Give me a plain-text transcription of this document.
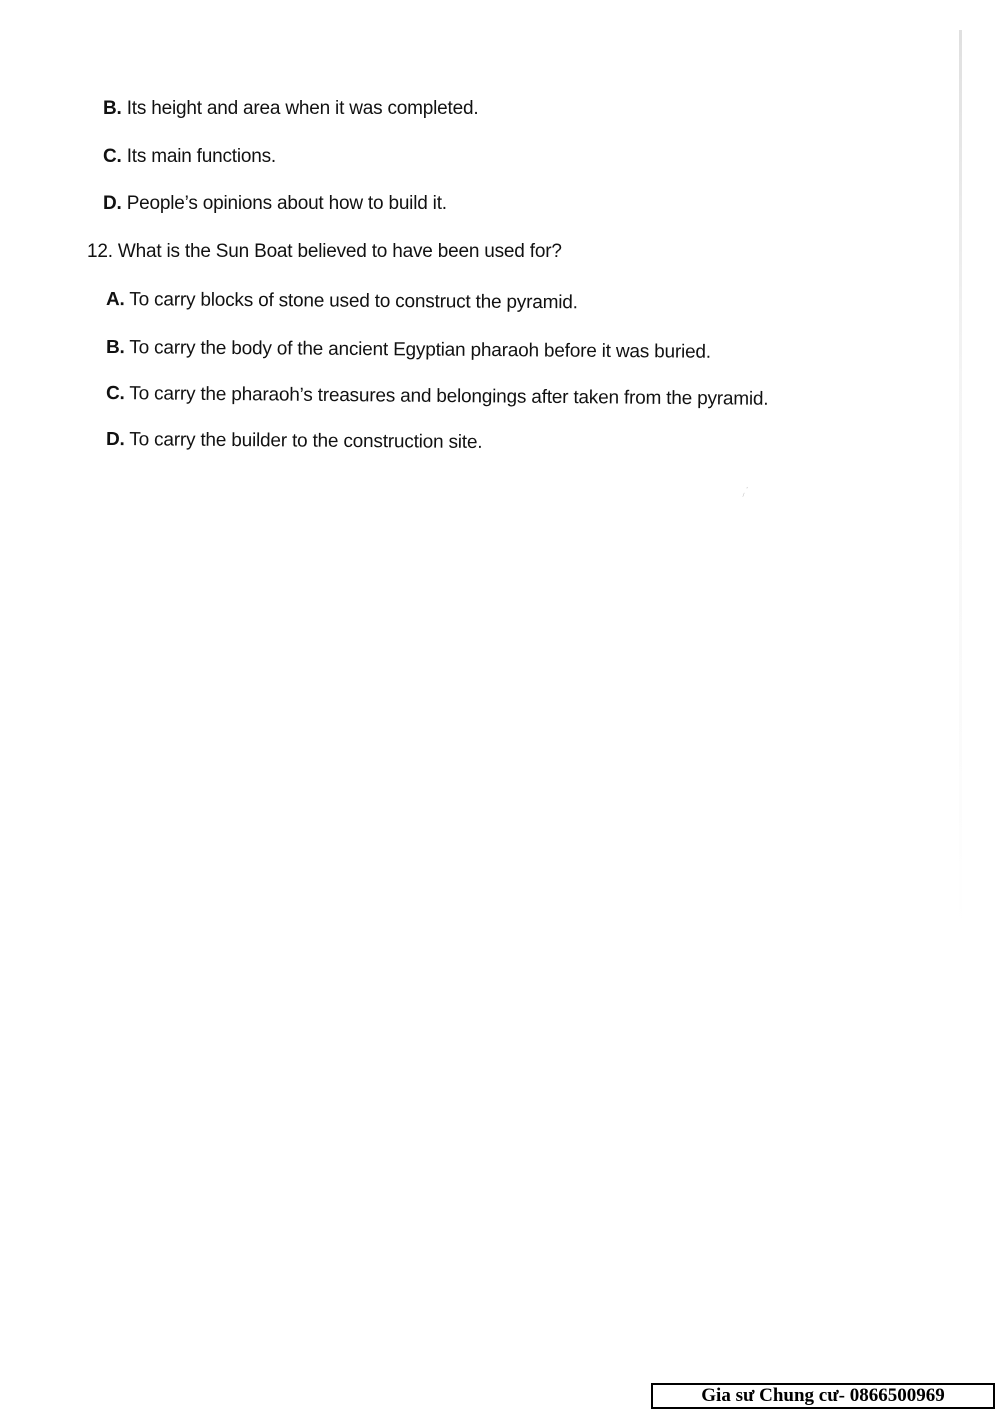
⸝ ˊ
B. Its height and area when it was completed.
C. Its main functions.
D. People’s opinions about how to build it.
12. What is the Sun Boat believed to have been used for?
A. To carry blocks of stone used to construct the pyramid.
B. To carry the body of the ancient Egyptian pharaoh before it was buried.
C. To carry the pharaoh’s treasures and belongings after taken from the pyramid.
D. To carry the builder to the construction site.
Gia sư Chung cư- 0866500969
